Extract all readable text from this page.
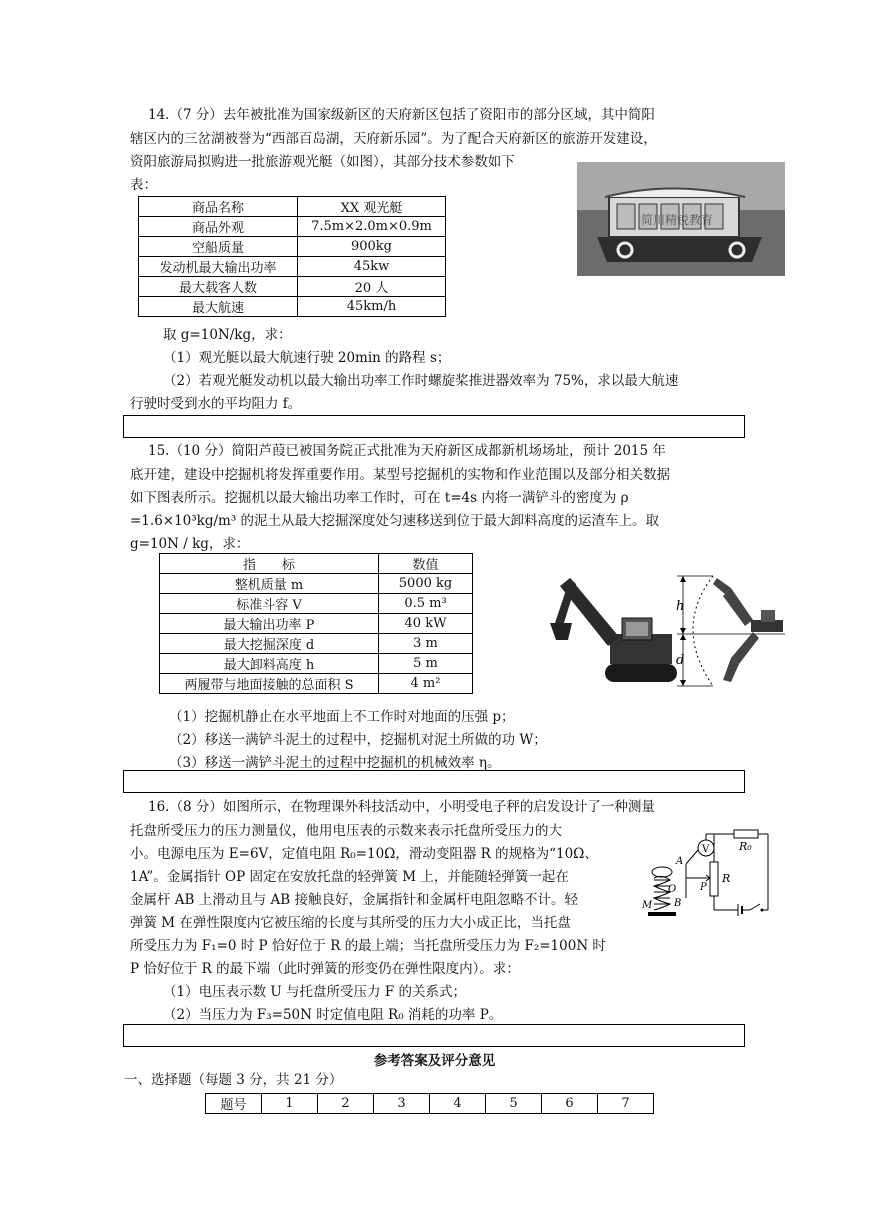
14.（7 分）去年被批准为国家级新区的天府新区包括了资阳市的部分区域，其中简阳
辖区内的三岔湖被誉为“西部百岛湖，天府新乐园”。为了配合天府新区的旅游开发建设，
资阳旅游局拟购进一批旅游观光艇（如图），其部分技术参数如下
表：
简川精锐教育
商品名称	XX 观光艇
商品外观	7.5m×2.0m×0.9m
空船质量	900kg
发动机最大输出功率	45kw
最大载客人数	20 人
最大航速	45km/h
取 g=10N/kg，求：
（1）观光艇以最大航速行驶 20min 的路程 s；
（2）若观光艇发动机以最大输出功率工作时螺旋桨推进器效率为 75%，求以最大航速
行驶时受到水的平均阻力 f。
15.（10 分）简阳芦葭已被国务院正式批准为天府新区成都新机场场址，预计 2015 年
底开建，建设中挖掘机将发挥重要作用。某型号挖掘机的实物和作业范围以及部分相关数据
如下图表所示。挖掘机以最大输出功率工作时，可在 t=4s 内将一满铲斗的密度为 ρ
=1.6×10³kg/m³ 的泥土从最大挖掘深度处匀速移送到位于最大卸料高度的运渣车上。取
g=10N / kg，求：
指　　标	数值
整机质量 m	5000 kg
标准斗容 V	0.5 m³
最大输出功率 P	40 kW
最大挖掘深度 d	3 m
最大卸料高度 h	5 m
两履带与地面接触的总面积 S	4 m²
h
d
（1）挖掘机静止在水平地面上不工作时对地面的压强 p；
（2）移送一满铲斗泥土的过程中，挖掘机对泥土所做的功 W；
（3）移送一满铲斗泥土的过程中挖掘机的机械效率 η。
16.（8 分）如图所示，在物理课外科技活动中，小明受电子秤的启发设计了一种测量
托盘所受压力的压力测量仪，他用电压表的示数来表示托盘所受压力的大
小。电源电压为 E=6V，定值电阻 R₀=10Ω，滑动变阻器 R 的规格为“10Ω、
1A”。金属指针 OP 固定在安放托盘的轻弹簧 M 上，并能随轻弹簧一起在
金属杆 AB 上滑动且与 AB 接触良好，金属指针和金属杆电阻忽略不计。轻
弹簧 M 在弹性限度内它被压缩的长度与其所受的压力大小成正比，当托盘
所受压力为 F₁=0 时 P 恰好位于 R 的最上端；当托盘所受压力为 F₂=100N 时
P 恰好位于 R 的最下端（此时弹簧的形变仍在弹性限度内）。求：
（1）电压表示数 U 与托盘所受压力 F 的关系式；
（2）当压力为 F₃=50N 时定值电阻 R₀ 消耗的功率 P。
R₀
V
R
A
O P
B
M
参考答案及评分意见
一、选择题（每题 3 分，共 21 分）
题号	1	2	3	4	5	6	7
